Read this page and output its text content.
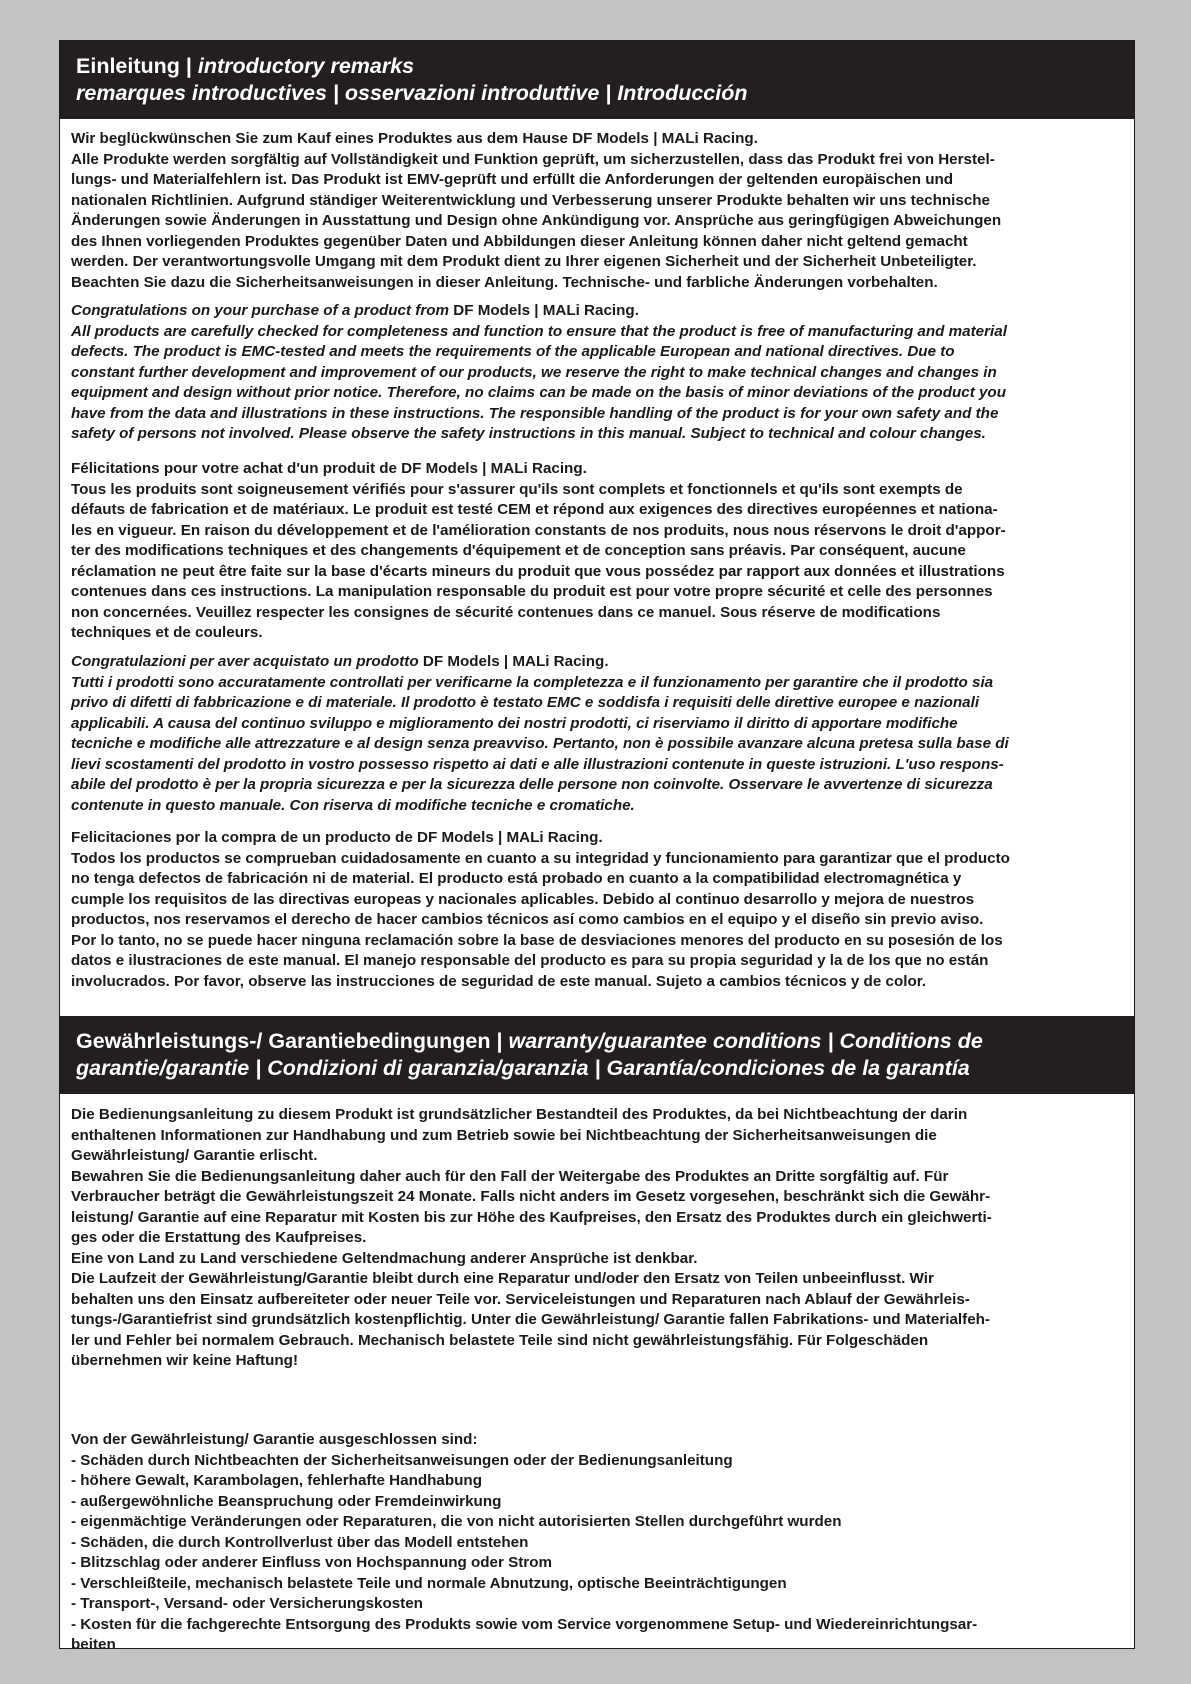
Einleitung | introductory remarks
remarques introductives | osservazioni introduttive | Introducción
Wir beglückwünschen Sie zum Kauf eines Produktes aus dem Hause DF Models | MALi Racing.
Alle Produkte werden sorgfältig auf Vollständigkeit und Funktion geprüft, um sicherzustellen, dass das Produkt frei von Herstel-
lungs- und Materialfehlern ist. Das Produkt ist EMV-geprüft und erfüllt die Anforderungen der geltenden europäischen und
nationalen Richtlinien. Aufgrund ständiger Weiterentwicklung und Verbesserung unserer Produkte behalten wir uns technische
Änderungen sowie Änderungen in Ausstattung und Design ohne Ankündigung vor. Ansprüche aus geringfügigen Abweichungen
des Ihnen vorliegenden Produktes gegenüber Daten und Abbildungen dieser Anleitung können daher nicht geltend gemacht
werden. Der verantwortungsvolle Umgang mit dem Produkt dient zu Ihrer eigenen Sicherheit und der Sicherheit Unbeteiligter.
Beachten Sie dazu die Sicherheitsanweisungen in dieser Anleitung. Technische- und farbliche Änderungen vorbehalten.
Congratulations on your purchase of a product from DF Models | MALi Racing.
All products are carefully checked for completeness and function to ensure that the product is free of manufacturing and material
defects. The product is EMC-tested and meets the requirements of the applicable European and national directives. Due to
constant further development and improvement of our products, we reserve the right to make technical changes and changes in
equipment and design without prior notice. Therefore, no claims can be made on the basis of minor deviations of the product you
have from the data and illustrations in these instructions. The responsible handling of the product is for your own safety and the
safety of persons not involved. Please observe the safety instructions in this manual. Subject to technical and colour changes.
Félicitations pour votre achat d'un produit de DF Models | MALi Racing.
Tous les produits sont soigneusement vérifiés pour s'assurer qu'ils sont complets et fonctionnels et qu'ils sont exempts de
défauts de fabrication et de matériaux. Le produit est testé CEM et répond aux exigences des directives européennes et nationa-
les en vigueur. En raison du développement et de l'amélioration constants de nos produits, nous nous réservons le droit d'appor-
ter des modifications techniques et des changements d'équipement et de conception sans préavis. Par conséquent, aucune
réclamation ne peut être faite sur la base d'écarts mineurs du produit que vous possédez par rapport aux données et illustrations
contenues dans ces instructions. La manipulation responsable du produit est pour votre propre sécurité et celle des personnes
non concernées. Veuillez respecter les consignes de sécurité contenues dans ce manuel. Sous réserve de modifications
techniques et de couleurs.
Congratulazioni per aver acquistato un prodotto DF Models | MALi Racing.
Tutti i prodotti sono accuratamente controllati per verificarne la completezza e il funzionamento per garantire che il prodotto sia
privo di difetti di fabbricazione e di materiale. Il prodotto è testato EMC e soddisfa i requisiti delle direttive europee e nazionali
applicabili. A causa del continuo sviluppo e miglioramento dei nostri prodotti, ci riserviamo il diritto di apportare modifiche
tecniche e modifiche alle attrezzature e al design senza preavviso. Pertanto, non è possibile avanzare alcuna pretesa sulla base di
lievi scostamenti del prodotto in vostro possesso rispetto ai dati e alle illustrazioni contenute in queste istruzioni. L'uso respons-
abile del prodotto è per la propria sicurezza e per la sicurezza delle persone non coinvolte. Osservare le avvertenze di sicurezza
contenute in questo manuale. Con riserva di modifiche tecniche e cromatiche.
Felicitaciones por la compra de un producto de DF Models | MALi Racing.
Todos los productos se comprueban cuidadosamente en cuanto a su integridad y funcionamiento para garantizar que el producto
no tenga defectos de fabricación ni de material. El producto está probado en cuanto a la compatibilidad electromagnética y
cumple los requisitos de las directivas europeas y nacionales aplicables. Debido al continuo desarrollo y mejora de nuestros
productos, nos reservamos el derecho de hacer cambios técnicos así como cambios en el equipo y el diseño sin previo aviso.
Por lo tanto, no se puede hacer ninguna reclamación sobre la base de desviaciones menores del producto en su posesión de los
datos e ilustraciones de este manual. El manejo responsable del producto es para su propia seguridad y la de los que no están
involucrados. Por favor, observe las instrucciones de seguridad de este manual. Sujeto a cambios técnicos y de color.
Gewährleistungs-/ Garantiebedingungen | warranty/guarantee conditions | Conditions de
garantie/garantie | Condizioni di garanzia/garanzia | Garantía/condiciones de la garantía
Die Bedienungsanleitung zu diesem Produkt ist grundsätzlicher Bestandteil des Produktes, da bei Nichtbeachtung der darin
enthaltenen Informationen zur Handhabung und zum Betrieb sowie bei Nichtbeachtung der Sicherheitsanweisungen die
Gewährleistung/ Garantie erlischt.
Bewahren Sie die Bedienungsanleitung daher auch für den Fall der Weitergabe des Produktes an Dritte sorgfältig auf. Für
Verbraucher beträgt die Gewährleistungszeit 24 Monate. Falls nicht anders im Gesetz vorgesehen, beschränkt sich die Gewähr-
leistung/ Garantie auf eine Reparatur mit Kosten bis zur Höhe des Kaufpreises, den Ersatz des Produktes durch ein gleichwerti-
ges oder die Erstattung des Kaufpreises.
Eine von Land zu Land verschiedene Geltendmachung anderer Ansprüche ist denkbar.
Die Laufzeit der Gewährleistung/Garantie bleibt durch eine Reparatur und/oder den Ersatz von Teilen unbeeinflusst. Wir
behalten uns den Einsatz aufbereiteter oder neuer Teile vor. Serviceleistungen und Reparaturen nach Ablauf der Gewährleis-
tungs-/Garantiefrist sind grundsätzlich kostenpflichtig. Unter die Gewährleistung/ Garantie fallen Fabrikations- und Materialfeh-
ler und Fehler bei normalem Gebrauch. Mechanisch belastete Teile sind nicht gewährleistungsfähig. Für Folgeschäden
übernehmen wir keine Haftung!
Von der Gewährleistung/ Garantie ausgeschlossen sind:
- Schäden durch Nichtbeachten der Sicherheitsanweisungen oder der Bedienungsanleitung
- höhere Gewalt, Karambolagen, fehlerhafte Handhabung
- außergewöhnliche Beanspruchung oder Fremdeinwirkung
- eigenmächtige Veränderungen oder Reparaturen, die von nicht autorisierten Stellen durchgeführt wurden
- Schäden, die durch Kontrollverlust über das Modell entstehen
- Blitzschlag oder anderer Einfluss von Hochspannung oder Strom
- Verschleißteile, mechanisch belastete Teile und normale Abnutzung, optische Beeinträchtigungen
- Transport-, Versand- oder Versicherungskosten
- Kosten für die fachgerechte Entsorgung des Produkts sowie vom Service vorgenommene Setup- und Wiedereinrichtungsar-
beiten
